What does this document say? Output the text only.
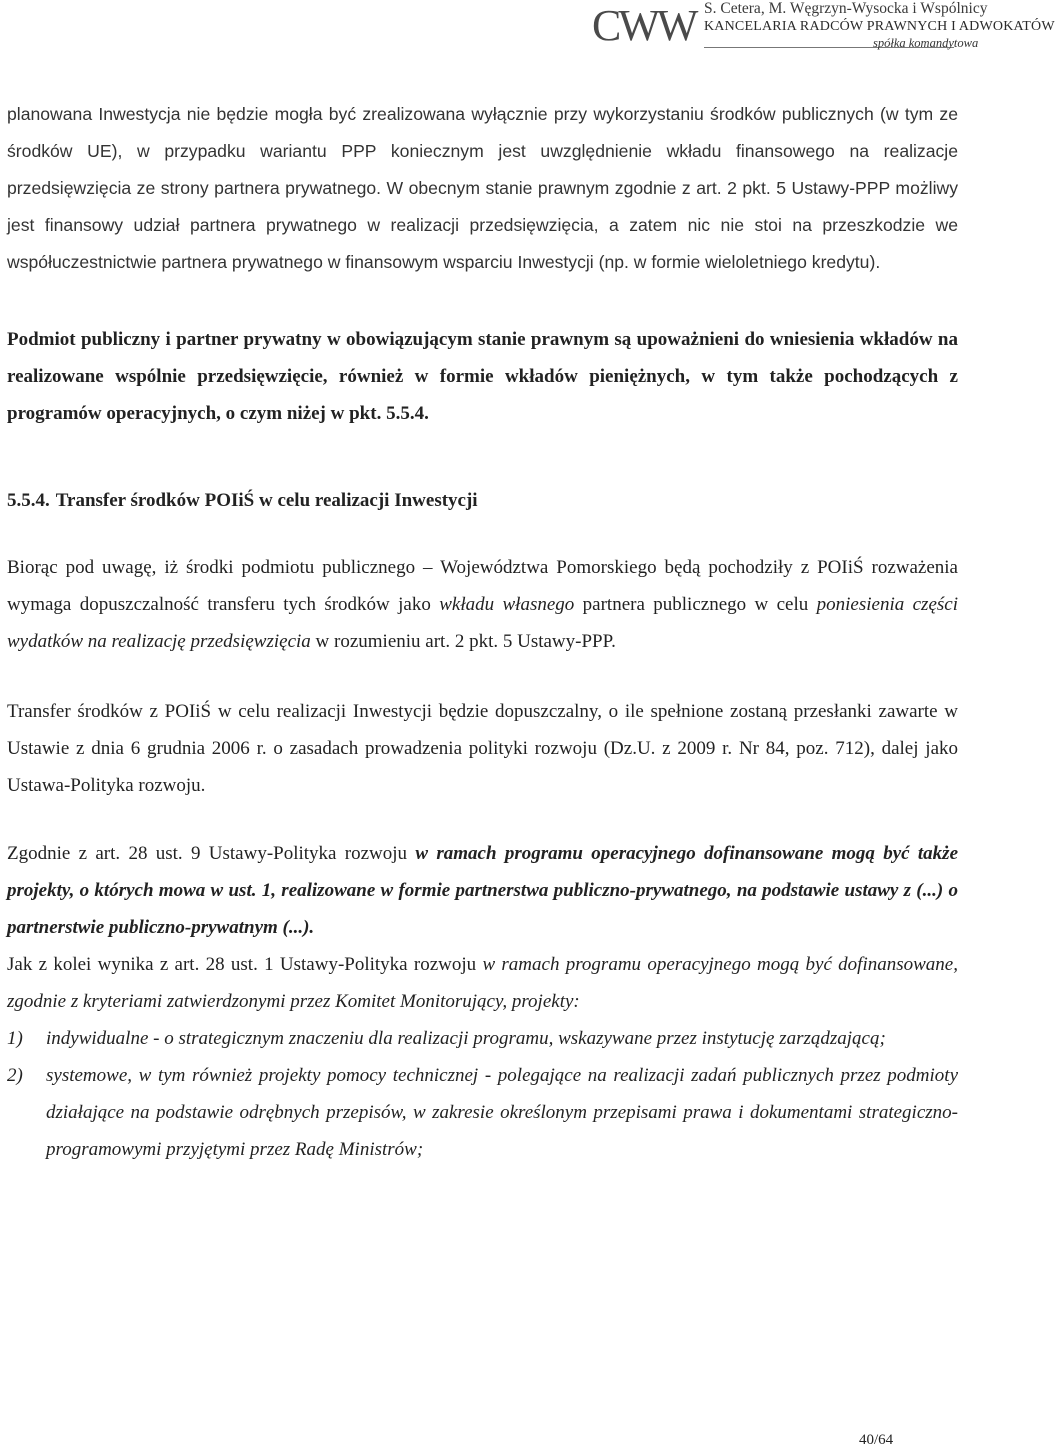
CWW S. Cetera, M. Węgrzyn-Wysocka i Wspólnicy
KANCELARIA RADCÓW PRAWNYCH I ADWOKATÓW
spółka komandytowa

planowana Inwestycja nie będzie mogła być zrealizowana wyłącznie przy wykorzystaniu środków publicznych (w tym ze środków UE), w przypadku wariantu PPP koniecznym jest uwzględnienie wkładu finansowego na realizacje przedsięwzięcia ze strony partnera prywatnego. W obecnym stanie prawnym zgodnie z art. 2 pkt. 5 Ustawy-PPP możliwy jest finansowy udział partnera prywatnego w realizacji przedsięwzięcia, a zatem nic nie stoi na przeszkodzie we współuczestnictwie partnera prywatnego w finansowym wsparciu Inwestycji (np. w formie wieloletniego kredytu).

Podmiot publiczny i partner prywatny w obowiązującym stanie prawnym są upoważnieni do wniesienia wkładów na realizowane wspólnie przedsięwzięcie, również w formie wkładów pieniężnych, w tym także pochodzących z programów operacyjnych, o czym niżej w pkt. 5.5.4.

5.5.4. Transfer środków POIiŚ w celu realizacji Inwestycji

Biorąc pod uwagę, iż środki podmiotu publicznego – Województwa Pomorskiego będą pochodziły z POIiŚ rozważenia wymaga dopuszczalność transferu tych środków jako wkładu własnego partnera publicznego w celu poniesienia części wydatków na realizację przedsięwzięcia w rozumieniu art. 2 pkt. 5 Ustawy-PPP.

Transfer środków z POIiŚ w celu realizacji Inwestycji będzie dopuszczalny, o ile spełnione zostaną przesłanki zawarte w Ustawie z dnia 6 grudnia 2006 r. o zasadach prowadzenia polityki rozwoju (Dz.U. z 2009 r. Nr 84, poz. 712), dalej jako Ustawa-Polityka rozwoju.

Zgodnie z art. 28 ust. 9 Ustawy-Polityka rozwoju w ramach programu operacyjnego dofinansowane mogą być także projekty, o których mowa w ust. 1, realizowane w formie partnerstwa publiczno-prywatnego, na podstawie ustawy z (...) o partnerstwie publiczno-prywatnym (...).

Jak z kolei wynika z art. 28 ust. 1 Ustawy-Polityka rozwoju w ramach programu operacyjnego mogą być dofinansowane, zgodnie z kryteriami zatwierdzonymi przez Komitet Monitorujący, projekty:

1) indywidualne - o strategicznym znaczeniu dla realizacji programu, wskazywane przez instytucję zarządzającą;
2) systemowe, w tym również projekty pomocy technicznej - polegające na realizacji zadań publicznych przez podmioty działające na podstawie odrębnych przepisów, w zakresie określonym przepisami prawa i dokumentami strategiczno-programowymi przyjętymi przez Radę Ministrów;
40/64
